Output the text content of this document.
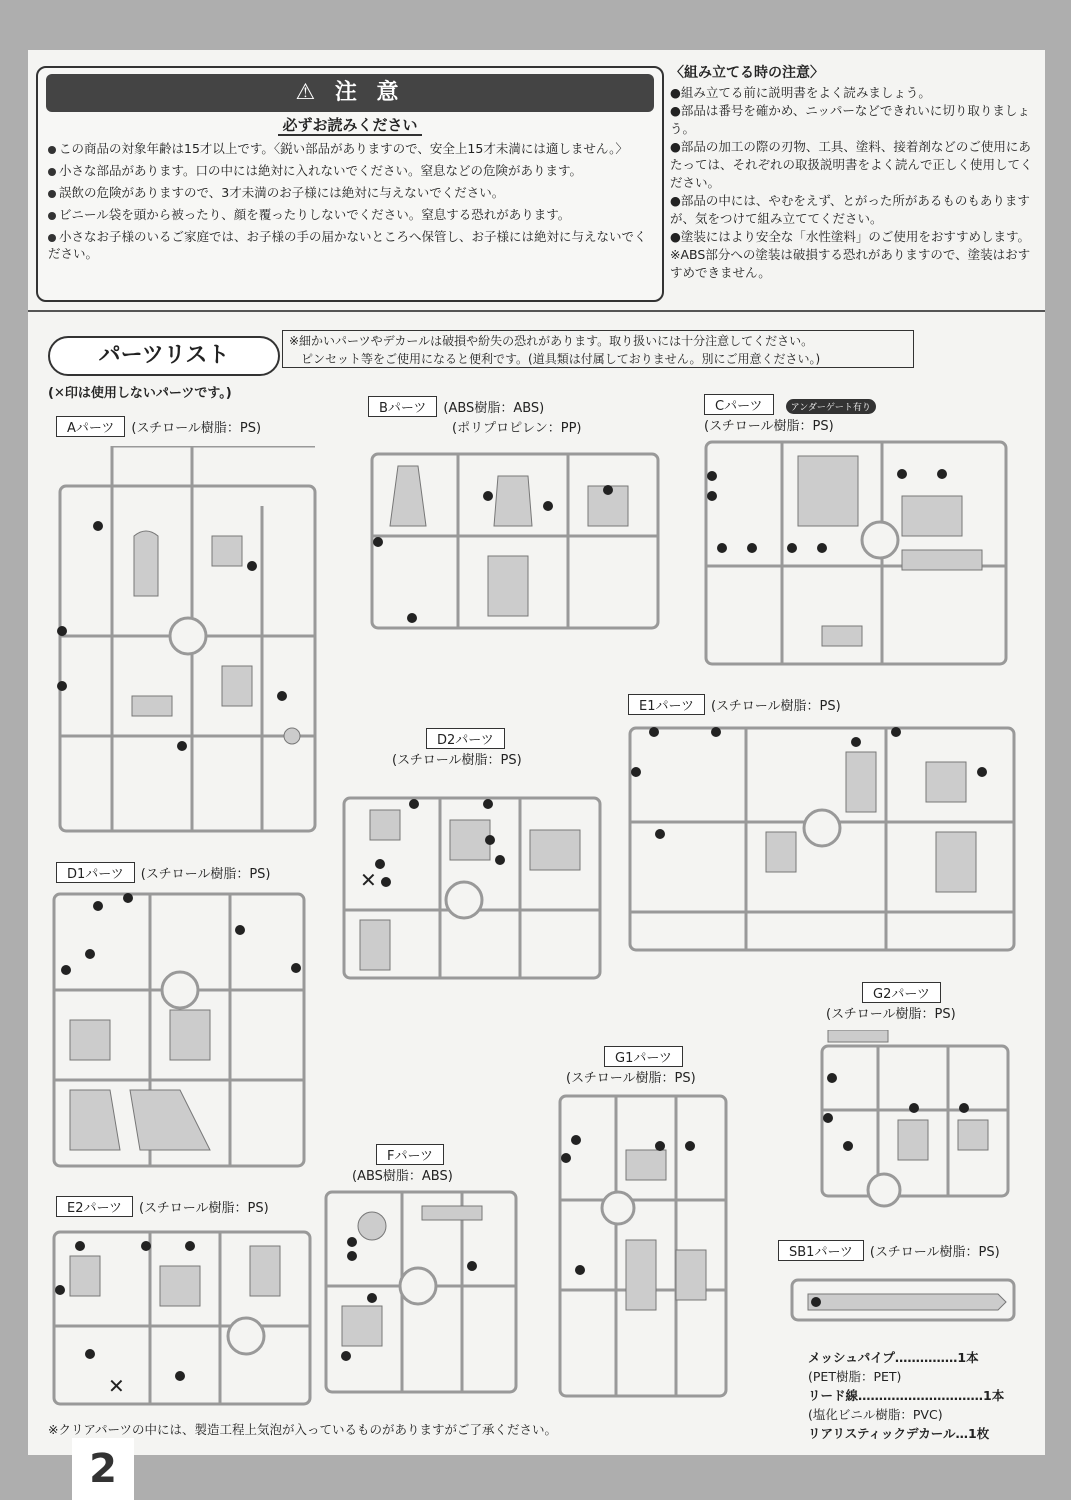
⚠ 注 意
必ずお読みください
この商品の対象年齢は15才以上です。〈鋭い部品がありますので、安全上15才未満には適しません。〉
小さな部品があります。口の中には絶対に入れないでください。窒息などの危険があります。
誤飲の危険がありますので、3才未満のお子様には絶対に与えないでください。
ビニール袋を頭から被ったり、顔を覆ったりしないでください。窒息する恐れがあります。
小さなお子様のいるご家庭では、お子様の手の届かないところへ保管し、お子様には絶対に与えないでください。
〈組み立てる時の注意〉
●組み立てる前に説明書をよく読みましょう。
●部品は番号を確かめ、ニッパーなどできれいに切り取りましょう。
●部品の加工の際の刃物、工具、塗料、接着剤などのご使用にあたっては、それぞれの取扱説明書をよく読んで正しく使用してください。
●部品の中には、やむをえず、とがった所があるものもありますが、気をつけて組み立ててください。
●塗装にはより安全な「水性塗料」のご使用をおすすめします。
※ABS部分への塗装は破損する恐れがありますので、塗装はおすすめできません。
パーツリスト
※細かいパーツやデカールは破損や紛失の恐れがあります。取り扱いには十分注意してください。
ピンセット等をご使用になると便利です。(道具類は付属しておりません。別にご用意ください。)
(✕印は使用しないパーツです。)
Aパーツ (スチロール樹脂：PS)
Bパーツ (ABS樹脂：ABS)
(ポリプロピレン：PP)
Cパーツ	アンダーゲート有り
(スチロール樹脂：PS)
D1パーツ (スチロール樹脂：PS)
D2パーツ
(スチロール樹脂：PS)
E1パーツ (スチロール樹脂：PS)
E2パーツ (スチロール樹脂：PS)
Fパーツ
(ABS樹脂：ABS)
G1パーツ
(スチロール樹脂：PS)
G2パーツ
(スチロール樹脂：PS)
SB1パーツ (スチロール樹脂：PS)
✕
✕
※クリアパーツの中には、製造工程上気泡が入っているものがありますがご了承ください。
メッシュパイプ……………1本
(PET樹脂：PET)
リード線…………………………1本
(塩化ビニル樹脂：PVC)
リアリスティックデカール…1枚
2
